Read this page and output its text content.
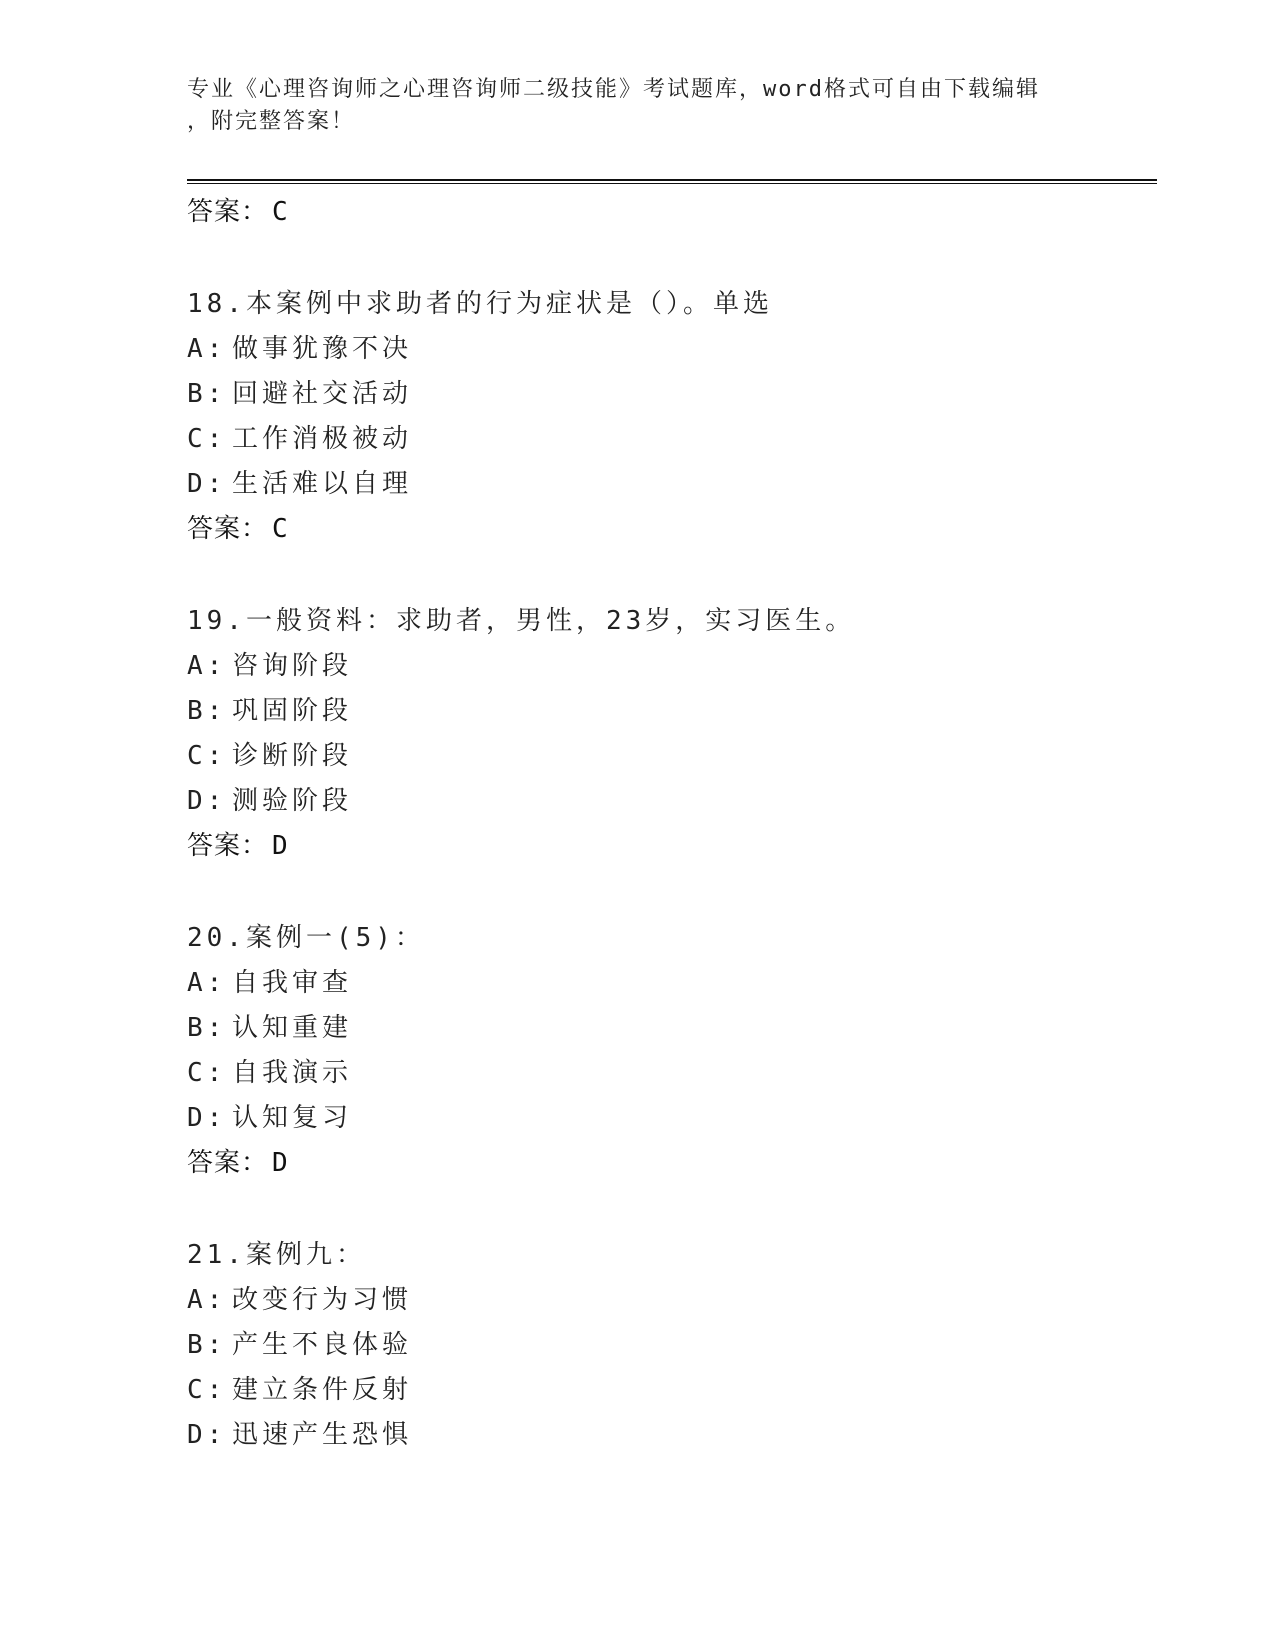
专业《心理咨询师之心理咨询师二级技能》考试题库，word格式可自由下载编辑
，附完整答案！
答案： C
18.本案例中求助者的行为症状是（）。单选
A: 做事犹豫不决
B: 回避社交活动
C: 工作消极被动
D: 生活难以自理
答案： C
19.一般资料：求助者，男性，23岁，实习医生。
A: 咨询阶段
B: 巩固阶段
C: 诊断阶段
D: 测验阶段
答案： D
20.案例一(5)：
A: 自我审查
B: 认知重建
C: 自我演示
D: 认知复习
答案： D
21.案例九：
A: 改变行为习惯
B: 产生不良体验
C: 建立条件反射
D: 迅速产生恐惧
